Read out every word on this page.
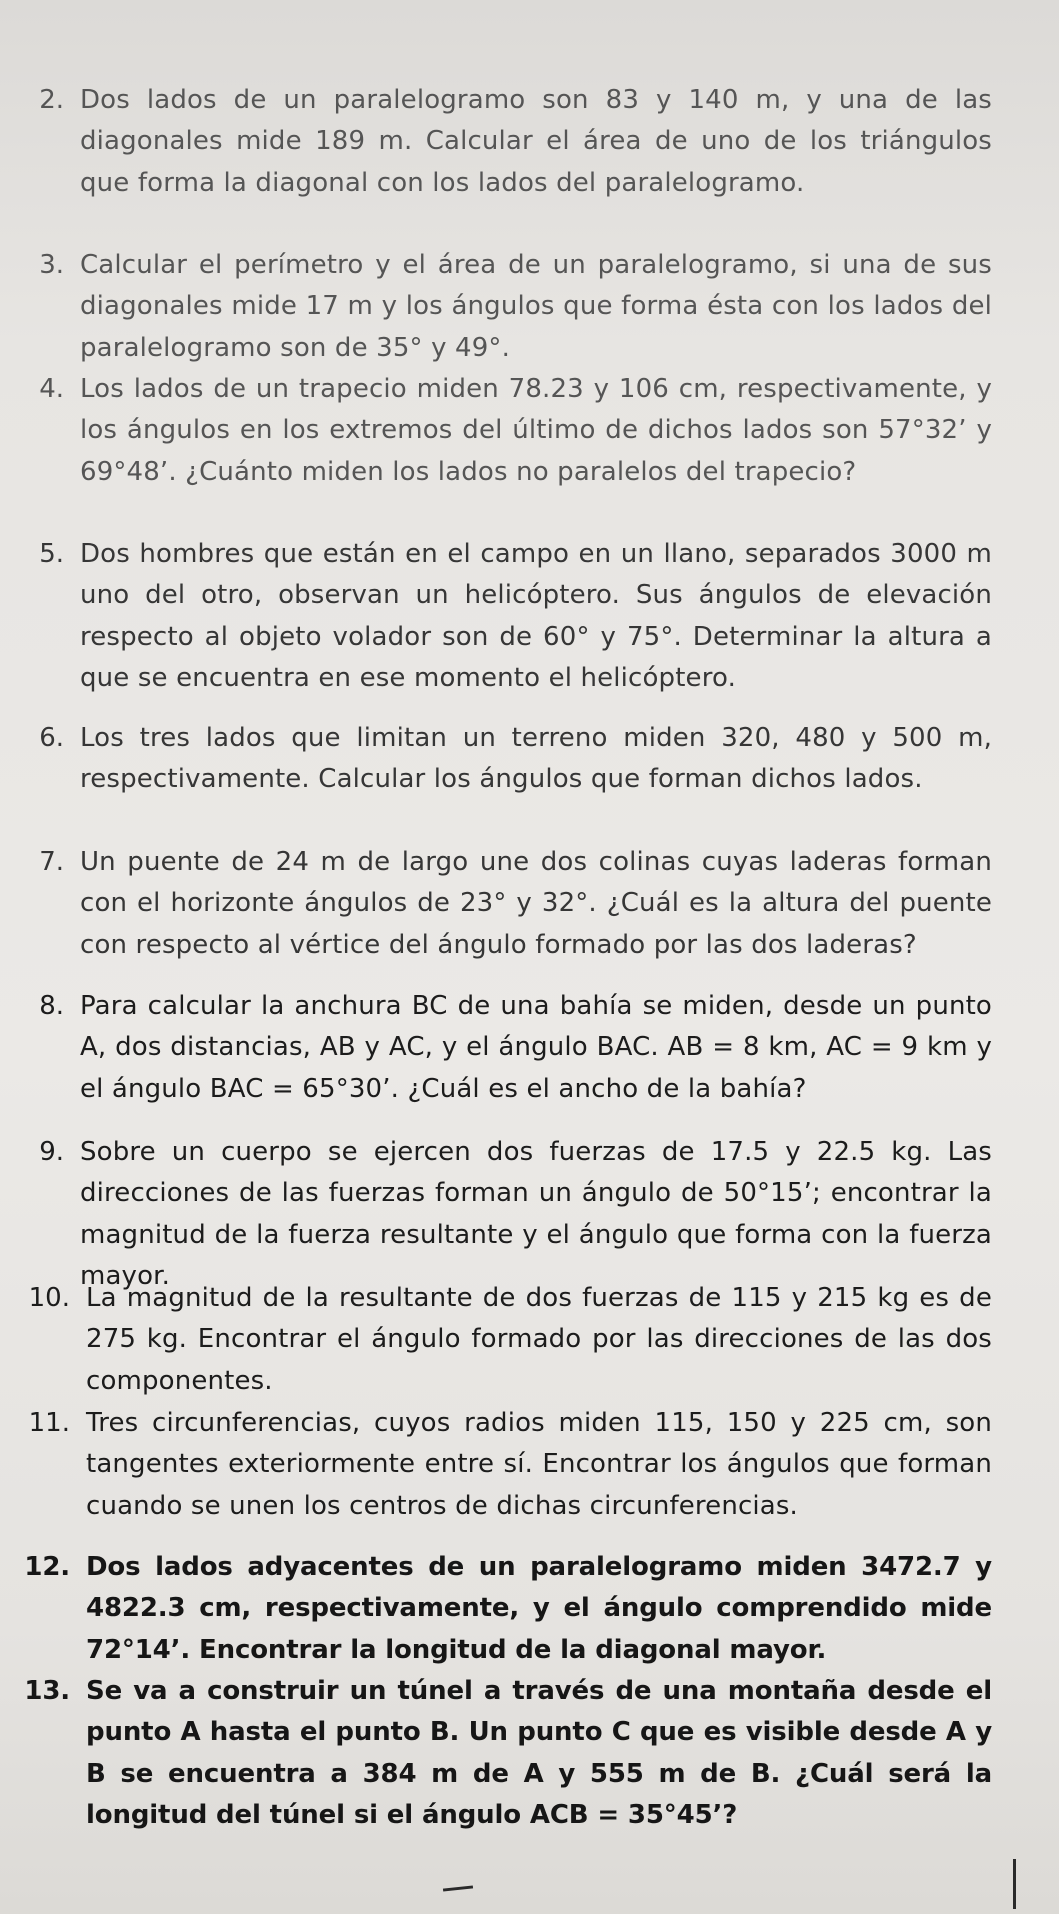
2. Dos lados de un paralelogramo son 83 y 140 m, y una de las diagonales mide 189 m. Calcular el área de uno de los triángulos que forma la diagonal con los lados del paralelogramo.
3. Calcular el perímetro y el área de un paralelogramo, si una de sus diagonales mide 17 m y los ángulos que forma ésta con los lados del paralelogramo son de 35° y 49°.
4. Los lados de un trapecio miden 78.23 y 106 cm, respectivamente, y los ángulos en los extremos del último de dichos lados son 57°32’ y 69°48’. ¿Cuánto miden los lados no paralelos del trapecio?
5. Dos hombres que están en el campo en un llano, separados 3000 m uno del otro, observan un helicóptero. Sus ángulos de elevación respecto al objeto volador son de 60° y 75°. Determinar la altura a que se encuentra en ese momento el helicóptero.
6. Los tres lados que limitan un terreno miden 320, 480 y 500 m, respectivamente. Calcular los ángulos que forman dichos lados.
7. Un puente de 24 m de largo une dos colinas cuyas laderas forman con el horizonte ángulos de 23° y 32°. ¿Cuál es la altura del puente con respecto al vértice del ángulo formado por las dos laderas?
8. Para calcular la anchura BC de una bahía se miden, desde un punto A, dos distancias, AB y AC, y el ángulo BAC. AB = 8 km, AC = 9 km y el ángulo BAC = 65°30’. ¿Cuál es el ancho de la bahía?
9. Sobre un cuerpo se ejercen dos fuerzas de 17.5 y 22.5 kg. Las direcciones de las fuerzas forman un ángulo de 50°15’; encontrar la magnitud de la fuerza resultante y el ángulo que forma con la fuerza mayor.
10. La magnitud de la resultante de dos fuerzas de 115 y 215 kg es de 275 kg. Encontrar el ángulo formado por las direcciones de las dos componentes.
11. Tres circunferencias, cuyos radios miden 115, 150 y 225 cm, son tangentes exteriormente entre sí. Encontrar los ángulos que forman cuando se unen los centros de dichas circunferencias.
12. Dos lados adyacentes de un paralelogramo miden 3472.7 y 4822.3 cm, respectivamente, y el ángulo comprendido mide 72°14’. Encontrar la longitud de la diagonal mayor.
13. Se va a construir un túnel a través de una montaña desde el punto A hasta el punto B. Un punto C que es visible desde A y B se encuentra a 384 m de A y 555 m de B. ¿Cuál será la longitud del túnel si el ángulo ACB = 35°45’?
